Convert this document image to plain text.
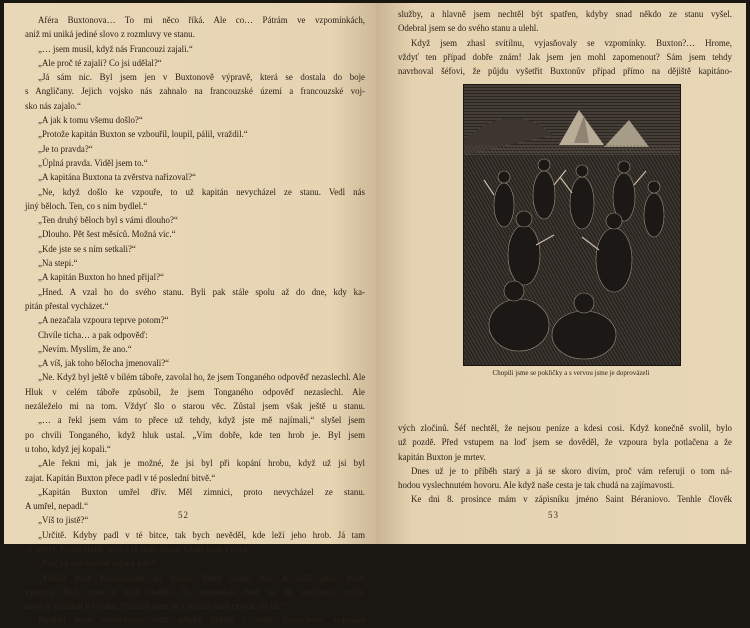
Aféra Buxtonova… To mi něco říká. Ale co… Pátrám ve vzpomínkách,
aniž mi uniká jediné slovo z rozmluvy ve stanu.
„… jsem musil, když nás Francouzi zajali.“
„Ale proč té zajali? Co jsi udělal?“
„Já sám nic. Byl jsem jen v Buxtonově výpravě, která se dostala do boje
s Angličany. Jejich vojsko nás zahnalo na francouzské území a francouzské voj-
sko nás zajalo.“
„A jak k tomu všemu došlo?“
„Protože kapitán Buxton se vzbouřil, loupil, pálil, vraždil.“
„Je to pravda?“
„Úplná pravda. Viděl jsem to.“
„A kapitána Buxtona ta zvěrstva nařizoval?“
„Ne, když došlo ke vzpouře, to už kapitán nevycházel ze stanu. Vedl nás
jiný běloch. Ten, co s ním bydlel.“
„Ten druhý běloch byl s vámi dlouho?“
„Dlouho. Pět šest měsíců. Možná víc.“
„Kde jste se s ním setkali?“
„Na stepi.“
„A kapitán Buxton ho hned přijal?“
„Hned. A vzal ho do svého stanu. Byli pak stále spolu až do dne, kdy ka-
pitán přestal vycházet.“
„A nezačala vzpoura teprve potom?“
Chvíle ticha… a pak odpověď:
„Nevím. Myslím, že ano.“
„A víš, jak toho bělocha jmenovali?“
„Ne. Když byl ještě v bílém táboře, zavolal ho, že jsem Tonganého odpověď nezaslechl. Ale
Hluk v celém táboře způsobil, že jsem Tonganého odpověď nezaslechl. Ale
nezáleželo mi na tom. Vždyť šlo o starou věc. Zůstal jsem však ještě u stanu.
„… a řekl jsem vám to přece už tehdy, když jste mě najímali,“ slyšel jsem
po chvíli Tonganého, když hluk ustal. „Vím dobře, kde ten hrob je. Byl jsem
u toho, když jej kopali.“
„Ale řekni mi, jak je možné, že jsi byl při kopání hrobu, když už jsi byl
zajat. Kapitán Buxton přece padl v té poslední bitvě.“
„Kapitán Buxton umřel dřív. Měl zimnici, proto nevycházel ze stanu.
A umřel, nepadl.“
„Víš to jistě?“
„Určitě. Kdyby padl v té bitce, tak bych nevěděl, kde leží jeho hrob. Já tam
už nebyl. Nosili chtěli utéct a já chtěl domů. Utekl jsem s nimi.“
„Proč jsi byl vlastně zajat a kde?“
„Vběhli jsme Francouzům do rukou. Hned druhý den. A měli jsme zboží
výpravy. Byli jsme u nich zlodějí. To znamenalo buď se dát nadlouho zavřít,
nebo se přihlásit k vojsku. Přihlásil jsem se a sloužil jsem celých pět let.“
Nechtěl jsem vyslechnout ještě nějaký příběh z doby černochovy vojenské
52
služby, a hlavně jsem nechtěl být spatřen, kdyby snad někdo ze stanu vyšel.
Odebral jsem se do svého stanu a ulehl.
Když jsem zhasl svítilnu, vyjasňovaly se vzpomínky. Buxton?… Hrome,
vždyť ten případ dobře znám! Jak jsem jen mohl zapomenout? Sám jsem tehdy
navrhoval šéfovi, že půjdu vyšetřit Buxtonův případ přímo na dějiště kapitáno-
Chopili jsme se pokličky a s vervou jsme je doprovázeli
vých zločinů. Šéf nechtěl, že nejsou peníze a kdesi cosi. Když konečně svolil, bylo
už pozdě. Před vstupem na loď jsem se dověděl, že vzpoura byla potlačena a že
kapitán Buxton je mrtev.
Dnes už je to příběh starý a já se skoro divím, proč vám referuji o tom ná-
hodou vyslechnutém hovoru. Ale když naše cesta je tak chudá na zajímavosti.
Ke dni 8. prosince mám v zápisníku jméno Saint Béraniovo. Tenhle člověk
53
